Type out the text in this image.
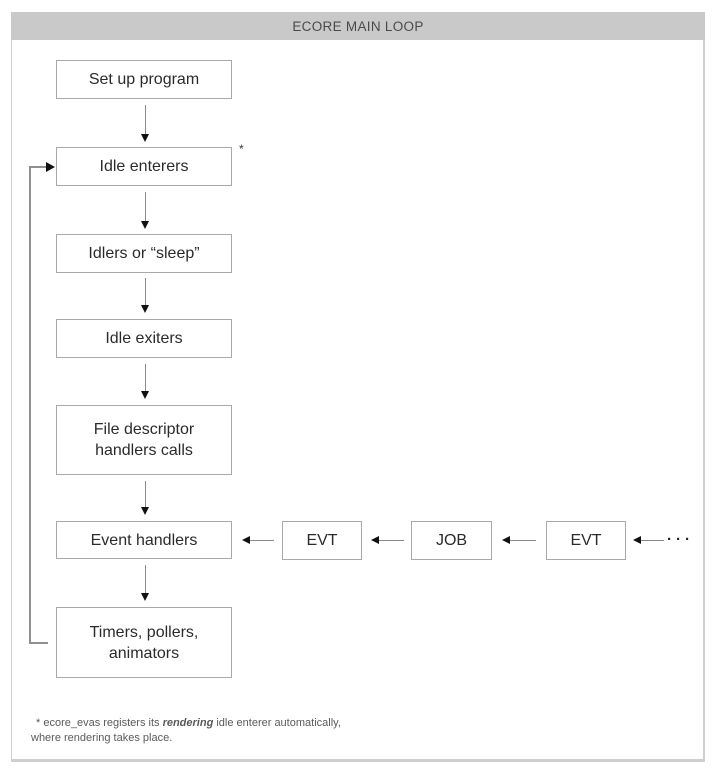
ECORE MAIN LOOP
Set up program
Idle enterers
*
Idlers or “sleep”
Idle exiters
File descriptor handlers calls
Event handlers
Timers, pollers, animators
EVT	JOB	EVT	···
* ecore_evas registers its rendering idle enterer automatically,
where rendering takes place.
